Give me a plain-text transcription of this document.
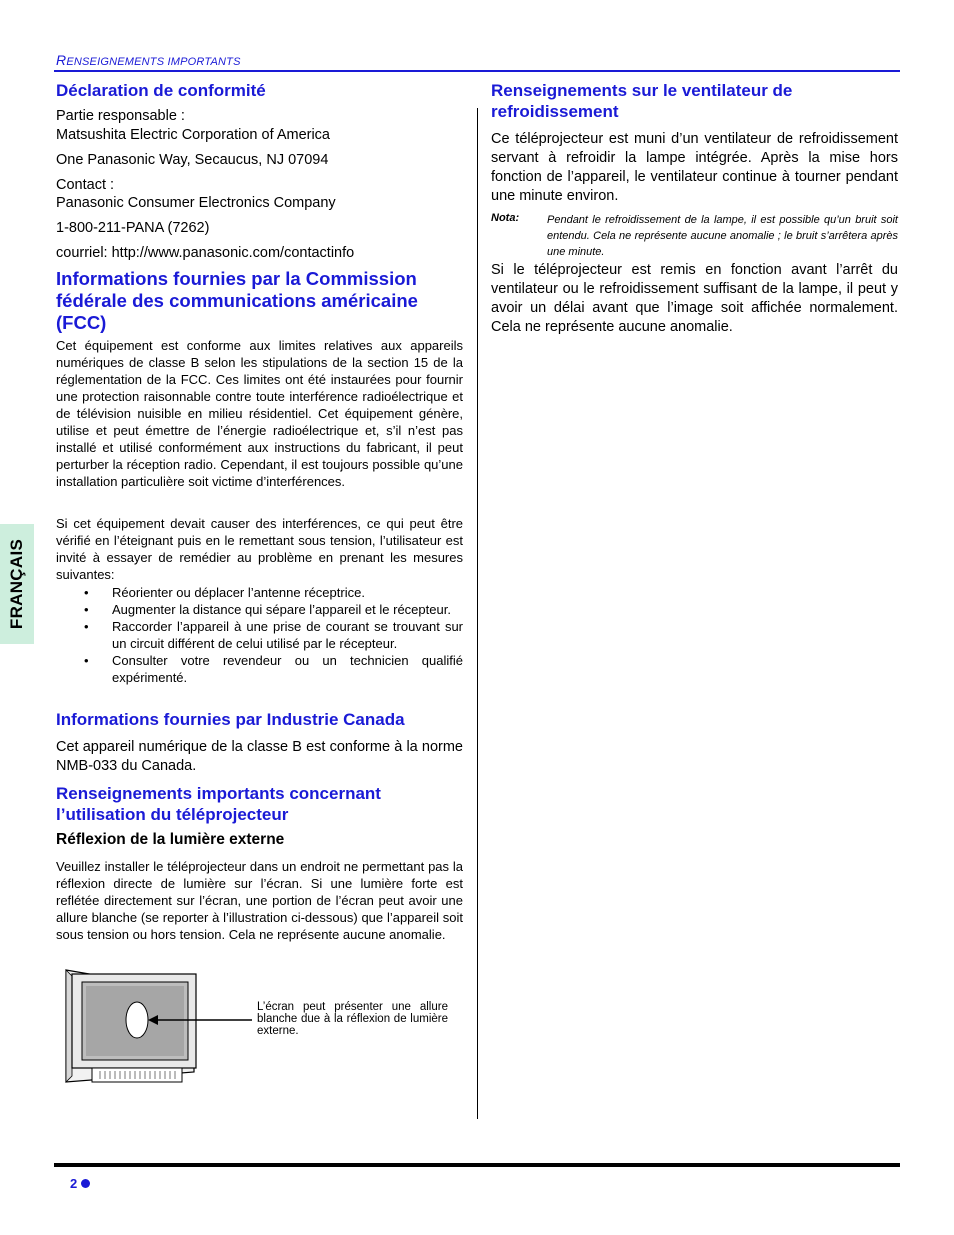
RENSEIGNEMENTS IMPORTANTS
FRANÇAIS
Déclaration de conformité
Partie responsable :
Matsushita Electric Corporation of America
One Panasonic Way, Secaucus, NJ 07094
Contact :
Panasonic Consumer Electronics Company
1-800-211-PANA (7262)
courriel: http://www.panasonic.com/contactinfo
Informations fournies par la Commission
fédérale des communications américaine
(FCC)
Cet équipement est conforme aux limites relatives aux appareils numériques de classe B selon les stipulations de la section 15 de la réglementation de la FCC. Ces limites ont été instaurées pour fournir une protection raisonnable contre toute interférence radioélectrique et de télévision nuisible en milieu résidentiel. Cet équipement génère, utilise et peut émettre de l’énergie radioélectrique et, s’il n’est pas installé et utilisé conformément aux instructions du fabricant, il peut perturber la réception radio. Cependant, il est toujours possible qu’une installation particulière soit victime d’interférences.
Si cet équipement devait causer des interférences, ce qui peut être vérifié en l’éteignant puis en le remettant sous tension, l’utilisateur est invité à essayer de remédier au problème en prenant les mesures suivantes:
• Réorienter ou déplacer l’antenne réceptrice.
• Augmenter la distance qui sépare l’appareil et le récepteur.
• Raccorder l’appareil à une prise de courant se trouvant sur un circuit différent de celui utilisé par le récepteur.
• Consulter votre revendeur ou un technicien qualifié expérimenté.
Informations fournies par Industrie Canada
Cet appareil numérique de la classe B est conforme à la norme NMB-033 du Canada.
Renseignements importants concernant
l’utilisation du téléprojecteur
Réflexion de la lumière externe
Veuillez installer le téléprojecteur dans un endroit ne permettant pas la réflexion directe de lumière sur l’écran. Si une lumière forte est reflétée directement sur l’écran, une portion de l’écran peut avoir une allure blanche (se reporter à l’illustration ci-dessous) que l’appareil soit sous tension ou hors tension. Cela ne représente aucune anomalie.
L’écran peut présenter une allure blanche due à la réflexion de lumière externe.
Renseignements sur le ventilateur de
refroidissement
Ce téléprojecteur est muni d’un ventilateur de refroidissement servant à refroidir la lampe intégrée. Après la mise hors fonction de l’appareil, le ventilateur continue à tourner pendant une minute environ.
Nota:	Pendant le refroidissement de la lampe, il est possible qu’un bruit soit entendu. Cela ne représente aucune anomalie ; le bruit s’arrêtera après une minute.
Si le téléprojecteur est remis en fonction avant l’arrêt du ventilateur ou le refroidissement suffisant de la lampe, il peut y avoir un délai avant que l’image soit affichée normalement. Cela ne représente aucune anomalie.
2
